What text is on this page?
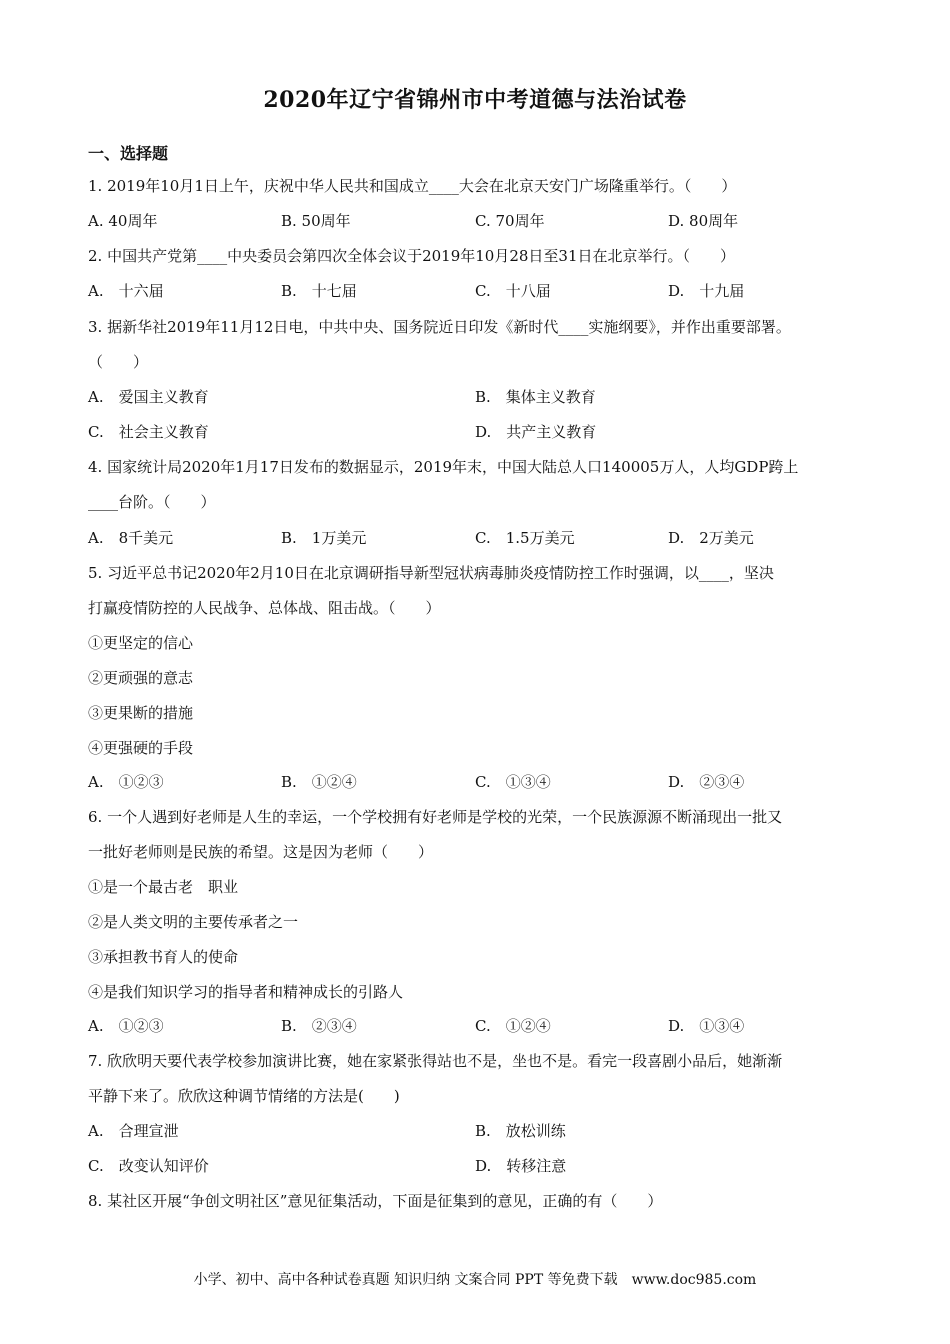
2020年辽宁省锦州市中考道德与法治试卷
一、选择题
1. 2019年10月1日上午，庆祝中华人民共和国成立____大会在北京天安门广场隆重举行。（　　）
A. 40周年	B. 50周年	C. 70周年	D. 80周年
2. 中国共产党第____中央委员会第四次全体会议于2019年10月28日至31日在北京举行。（　　）
A.　十六届	B.　十七届	C.　十八届	D.　十九届
3. 据新华社2019年11月12日电，中共中央、国务院近日印发《新时代____实施纲要》，并作出重要部署。
（　　）
A.　爱国主义教育	B.　集体主义教育
C.　社会主义教育	D.　共产主义教育
4. 国家统计局2020年1月17日发布的数据显示，2019年末，中国大陆总人口140005万人，人均GDP跨上
____台阶。（　　）
A.　8千美元	B.　1万美元	C.　1.5万美元	D.　2万美元
5. 习近平总书记2020年2月10日在北京调研指导新型冠状病毒肺炎疫情防控工作时强调，以____，坚决
打赢疫情防控的人民战争、总体战、阻击战。（　　）
①更坚定的信心
②更顽强的意志
③更果断的措施
④更强硬的手段
A.　①②③	B.　①②④	C.　①③④	D.　②③④
6. 一个人遇到好老师是人生的幸运，一个学校拥有好老师是学校的光荣，一个民族源源不断涌现出一批又
一批好老师则是民族的希望。这是因为老师（　　）
①是一个最古老　职业
②是人类文明的主要传承者之一
③承担教书育人的使命
④是我们知识学习的指导者和精神成长的引路人
A.　①②③	B.　②③④	C.　①②④	D.　①③④
7. 欣欣明天要代表学校参加演讲比赛，她在家紧张得站也不是，坐也不是。看完一段喜剧小品后，她渐渐
平静下来了。欣欣这种调节情绪的方法是(　　)
A.　合理宣泄	B.　放松训练
C.　改变认知评价	D.　转移注意
8. 某社区开展“争创文明社区”意见征集活动，下面是征集到的意见，正确的有（　　）
小学、初中、高中各种试卷真题 知识归纳 文案合同 PPT 等免费下载　www.doc985.com
